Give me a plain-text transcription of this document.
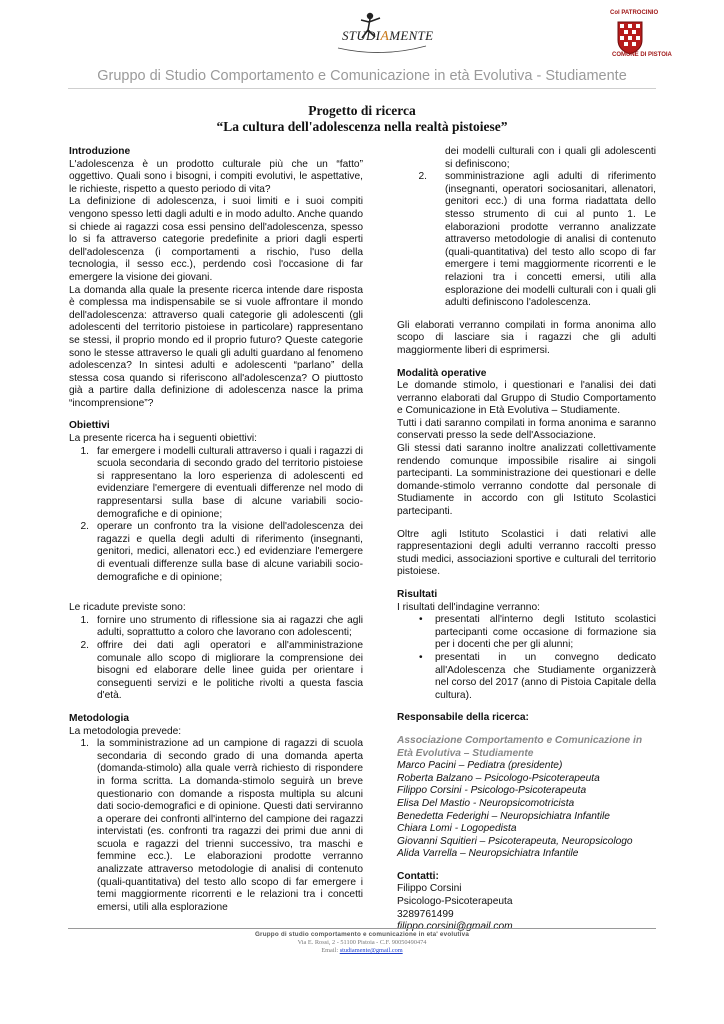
STUDIAMENTE
Col PATROCINIO
COMUNE DI PISTOIA
Gruppo di Studio Comportamento e Comunicazione in età Evolutiva - Studiamente
Progetto di ricerca
“La cultura dell'adolescenza nella realtà pistoiese”
Introduzione

L'adolescenza è un prodotto culturale più che un “fatto” oggettivo. Quali sono i bisogni, i compiti evolutivi, le aspettative, le richieste, rispetto a questo periodo di vita?

La definizione di adolescenza, i suoi limiti e i suoi compiti vengono spesso letti dagli adulti e in modo adulto. Anche quando si chiede ai ragazzi cosa essi pensino dell'adolescenza, spesso lo si fa attraverso categorie predefinite a priori dagli esperti dell'adolescenza (i comportamenti a rischio, l'uso della tecnologia, il sesso ecc.), perdendo così l'occasione di far emergere la visione dei giovani.

La domanda alla quale la presente ricerca intende dare risposta è complessa ma indispensabile se si vuole affrontare il mondo dell'adolescenza: attraverso quali categorie gli adolescenti (gli adolescenti del territorio pistoiese in particolare) rappresentano se stessi, il proprio mondo ed il proprio futuro? Queste categorie sono le stesse attraverso le quali gli adulti guardano al fenomeno adolescenza? In sintesi adulti e adolescenti “parlano” della stessa cosa quando si riferiscono all'adolescenza? O piuttosto già a partire dalla definizione di adolescenza nasce la prima “incomprensione”?

Obiettivi

La presente ricerca ha i seguenti obiettivi:

1. far emergere i modelli culturali attraverso i quali i ragazzi di scuola secondaria di secondo grado del territorio pistoiese si rappresentano la loro esperienza di adolescenti ed evidenziare l'emergere di eventuali differenze nel modo di rappresentarsi sulla base di alcune variabili socio-demografiche e di opinione;
2. operare un confronto tra la visione dell'adolescenza dei ragazzi e quella degli adulti di riferimento (insegnanti, genitori, medici, allenatori ecc.) ed evidenziare l'emergere di eventuali differenze sulla base di alcune variabili socio-demografiche e di opinione;

Le ricadute previste sono:

1. fornire uno strumento di riflessione sia ai ragazzi che agli adulti, soprattutto a coloro che lavorano con adolescenti;
2. offrire dei dati agli operatori e all'amministrazione comunale allo scopo di migliorare la comprensione dei bisogni ed elaborare delle linee guida per orientare i conseguenti servizi e le politiche rivolti a questa fascia d'età.
Metodologia

La metodologia prevede:

1. la somministrazione ad un campione di ragazzi di scuola secondaria di secondo grado di una domanda aperta (domanda-stimolo) alla quale verrà richiesto di rispondere in forma scritta. La domanda-stimolo seguirà un breve questionario con domande a risposta multipla su alcuni dati socio-demografici e di opinione. Questi dati serviranno a operare dei confronti all'interno del campione dei ragazzi intervistati (es. confronti tra ragazzi dei primi due anni di scuola e ragazzi del trienni successivo, tra maschi e femmine ecc.). Le elaborazioni prodotte verranno analizzate attraverso metodologie di analisi di contenuto (quali-quantitativa) del testo allo scopo di far emergere i temi maggiormente ricorrenti e le relazioni tra i concetti emersi, utili alla esplorazione
dei modelli culturali con i quali gli adolescenti si definiscono;
2. somministrazione agli adulti di riferimento (insegnanti, operatori sociosanitari, allenatori, genitori ecc.) di una forma riadattata dello stesso strumento di cui al punto 1. Le elaborazioni prodotte verranno analizzate attraverso metodologie di analisi di contenuto (quali-quantitativa) del testo allo scopo di far emergere i temi maggiormente ricorrenti e le relazioni tra i concetti emersi, utili alla esplorazione dei modelli culturali con i quali gli adulti definiscono l'adolescenza.

Gli elaborati verranno compilati in forma anonima allo scopo di lasciare sia i ragazzi che gli adulti maggiormente liberi di esprimersi.

Modalità operative

Le domande stimolo, i questionari e l'analisi dei dati verranno elaborati dal Gruppo di Studio Comportamento e Comunicazione in Età Evolutiva – Studiamente.

Tutti i dati saranno compilati in forma anonima e saranno conservati presso la sede dell'Associazione.

Gli stessi dati saranno inoltre analizzati collettivamente rendendo comunque impossibile risalire ai singoli partecipanti. La somministrazione dei questionari e delle domande-stimolo verranno condotte dal personale di Studiamente in accordo con gli Istituto Scolastici partecipanti.

Oltre agli Istituto Scolastici i dati relativi alle rappresentazioni degli adulti verranno raccolti presso studi medici, associazioni sportive e culturali del territorio pistoiese.

Risultati

I risultati dell'indagine verranno:

• presentati all'interno degli Istituto scolastici partecipanti come occasione di formazione sia per i docenti che per gli alunni;
• presentati in un convegno dedicato all'Adolescenza che Studiamente organizzerà nel corso del 2017 (anno di Pistoia Capitale della cultura).
Responsabile della ricerca:

Associazione Comportamento e Comunicazione in Età Evolutiva – Studiamente

Marco Pacini – Pediatra (presidente)

Roberta Balzano – Psicologo-Psicoterapeuta

Filippo Corsini - Psicologo-Psicoterapeuta

Elisa Del Mastio - Neuropsicomotricista

Benedetta Federighi – Neuropsichiatra Infantile

Chiara Lomi - Logopedista

Giovanni Squitieri – Psicoterapeuta, Neuropsicologo

Alida Varrella – Neuropsichiatra Infantile

Contatti:

Filippo Corsini

Psicologo-Psicoterapeuta

3289761499

filippo.corsini@gmail.com

Gruppo di studio comportamento e comunicazione in eta' evolutiva
Via E. Rossi, 2 - 51100 Pistoia - C.F. 90050490474
Email: studiamente@gmail.com
